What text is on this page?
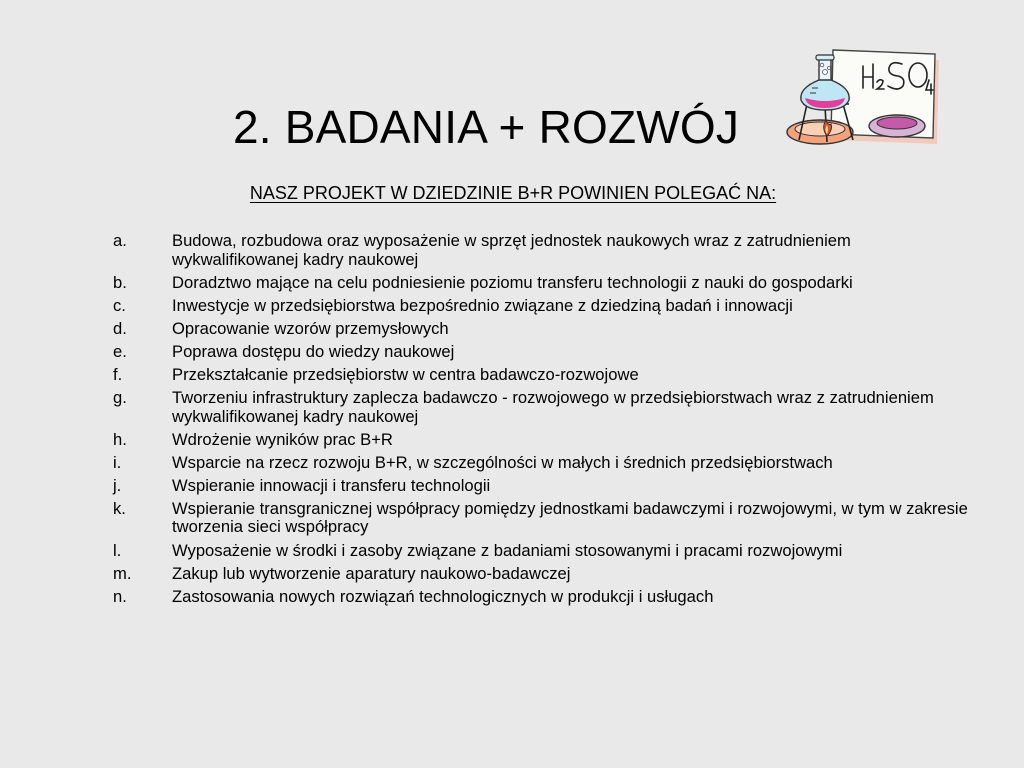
2. BADANIA + ROZWÓJ
NASZ PROJEKT W DZIEDZINIE B+R POWINIEN POLEGAĆ NA:
a.	Budowa, rozbudowa oraz wyposażenie w sprzęt jednostek naukowych wraz z zatrudnieniem wykwalifikowanej kadry naukowej
b.	Doradztwo mające na celu podniesienie poziomu transferu technologii z nauki do gospodarki
c.	Inwestycje w przedsiębiorstwa bezpośrednio związane z dziedziną badań i innowacji
d.	Opracowanie wzorów przemysłowych
e.	Poprawa dostępu do wiedzy naukowej
f.	Przekształcanie przedsiębiorstw w centra badawczo-rozwojowe
g.	Tworzeniu infrastruktury zaplecza badawczo - rozwojowego w przedsiębiorstwach wraz z zatrudnieniem wykwalifikowanej kadry naukowej
h.	Wdrożenie wyników prac B+R
i.	Wsparcie na rzecz rozwoju B+R, w szczególności w małych i średnich przedsiębiorstwach
j.	Wspieranie innowacji i transferu technologii
k.	Wspieranie transgranicznej współpracy pomiędzy jednostkami badawczymi i rozwojowymi, w tym w zakresie tworzenia sieci współpracy
l.	Wyposażenie w środki i zasoby związane z badaniami stosowanymi i pracami rozwojowymi
m.	Zakup lub wytworzenie aparatury naukowo-badawczej
n.	Zastosowania nowych rozwiązań technologicznych w produkcji i usługach
